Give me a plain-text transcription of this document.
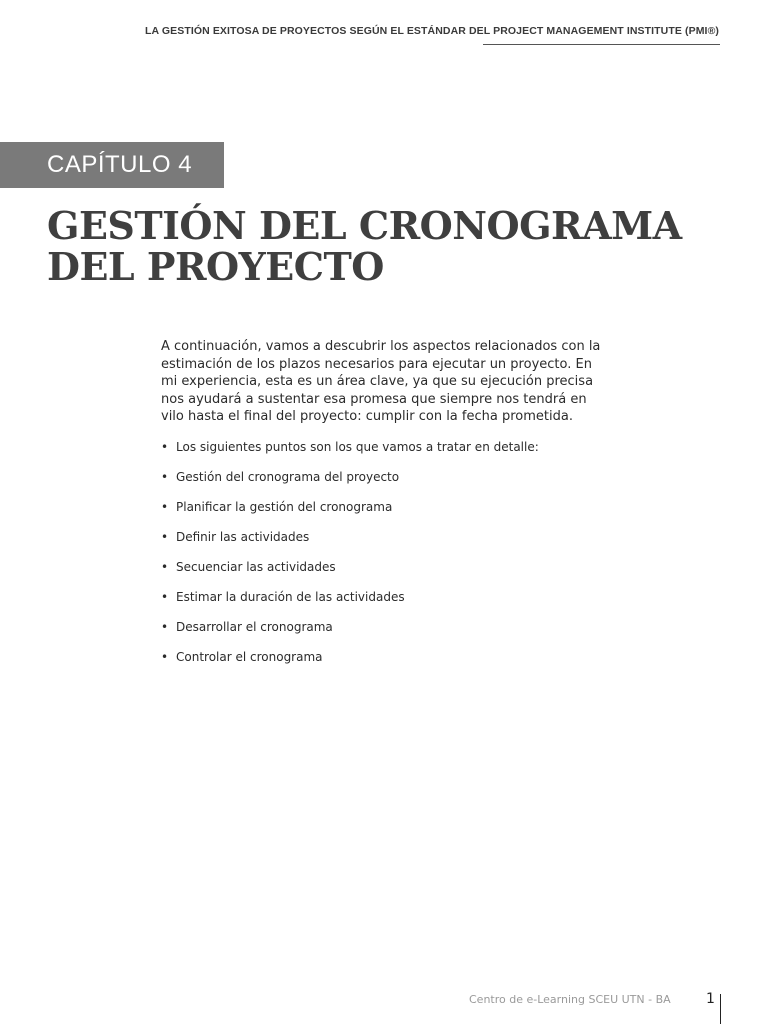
LA GESTIÓN EXITOSA DE PROYECTOS SEGÚN EL ESTÁNDAR DEL PROJECT MANAGEMENT INSTITUTE (PMI®)
CAPÍTULO 4
GESTIÓN DEL CRONOGRAMA DEL PROYECTO

A continuación, vamos a descubrir los aspectos relacionados con la estimación de los plazos necesarios para ejecutar un proyecto. En mi experiencia, esta es un área clave, ya que su ejecución precisa nos ayudará a sustentar esa promesa que siempre nos tendrá en vilo hasta el final del proyecto: cumplir con la fecha prometida.

• Los siguientes puntos son los que vamos a tratar en detalle:
• Gestión del cronograma del proyecto
• Planificar la gestión del cronograma
• Definir las actividades
• Secuenciar las actividades
• Estimar la duración de las actividades
• Desarrollar el cronograma
• Controlar el cronograma
Centro de e-Learning SCEU UTN - BA	1
